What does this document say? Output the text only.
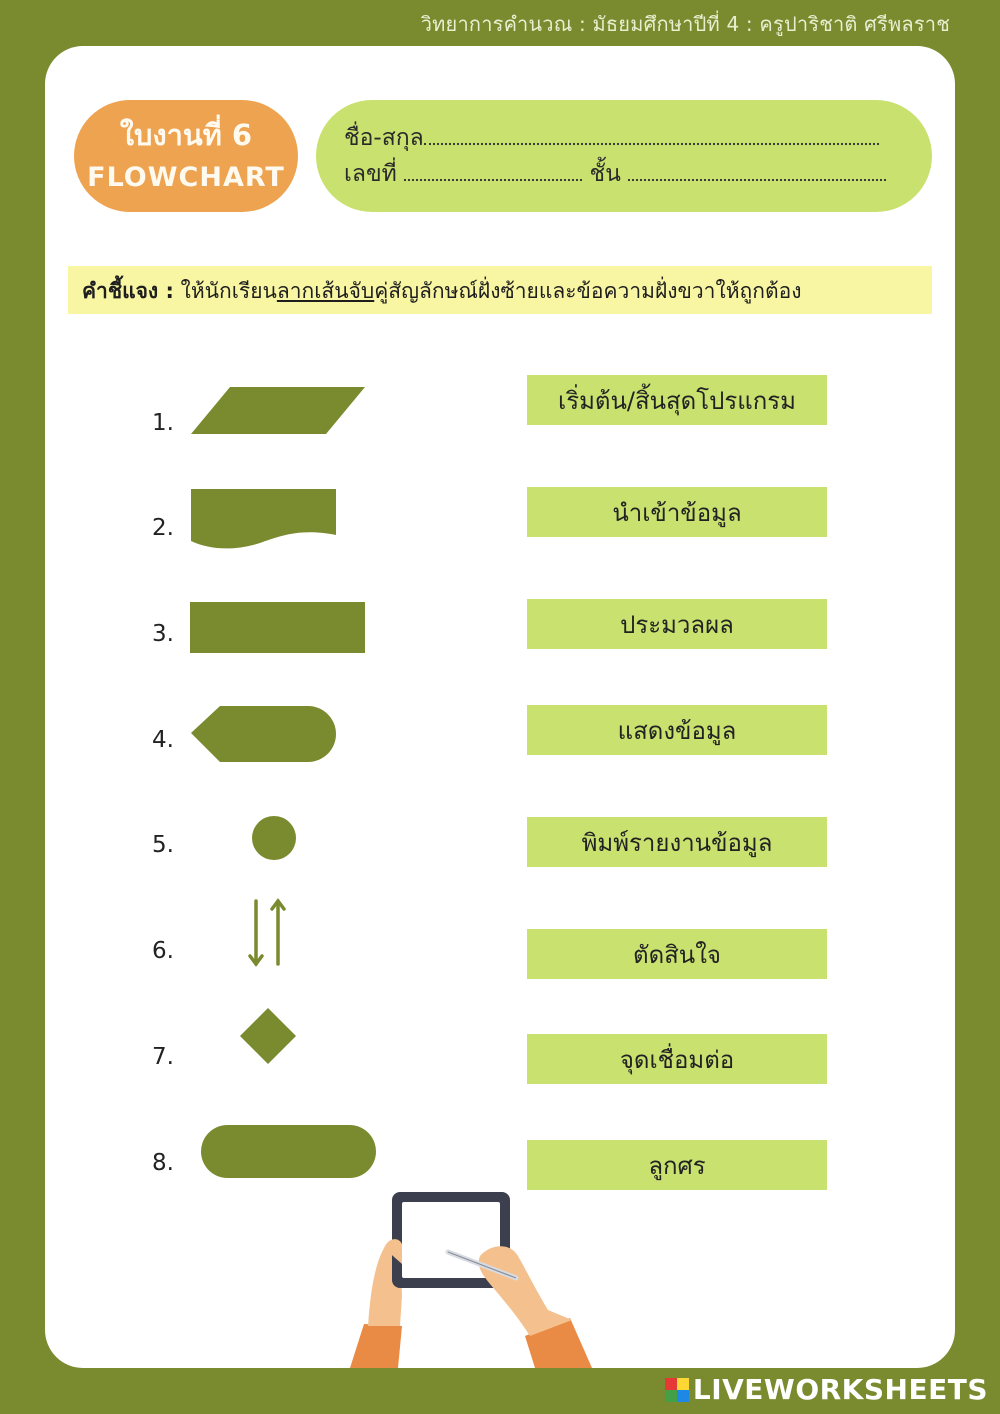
วิทยาการคำนวณ : มัธยมศึกษาปีที่ 4 : ครูปาริชาติ ศรีพลราช
ใบงานที่ 6
FLOWCHART
ชื่อ-สกุล
เลขที่	ชั้น
คำชี้แจง : ให้นักเรียนลากเส้นจับคู่สัญลักษณ์ฝั่งซ้ายและข้อความฝั่งขวาให้ถูกต้อง
1.
2.
3.
4.
5.
6.
7.
8.
เริ่มต้น/สิ้นสุดโปรแกรม
นำเข้าข้อมูล
ประมวลผล
แสดงข้อมูล
พิมพ์รายงานข้อมูล
ตัดสินใจ
จุดเชื่อมต่อ
ลูกศร
LIVEWORKSHEETS
